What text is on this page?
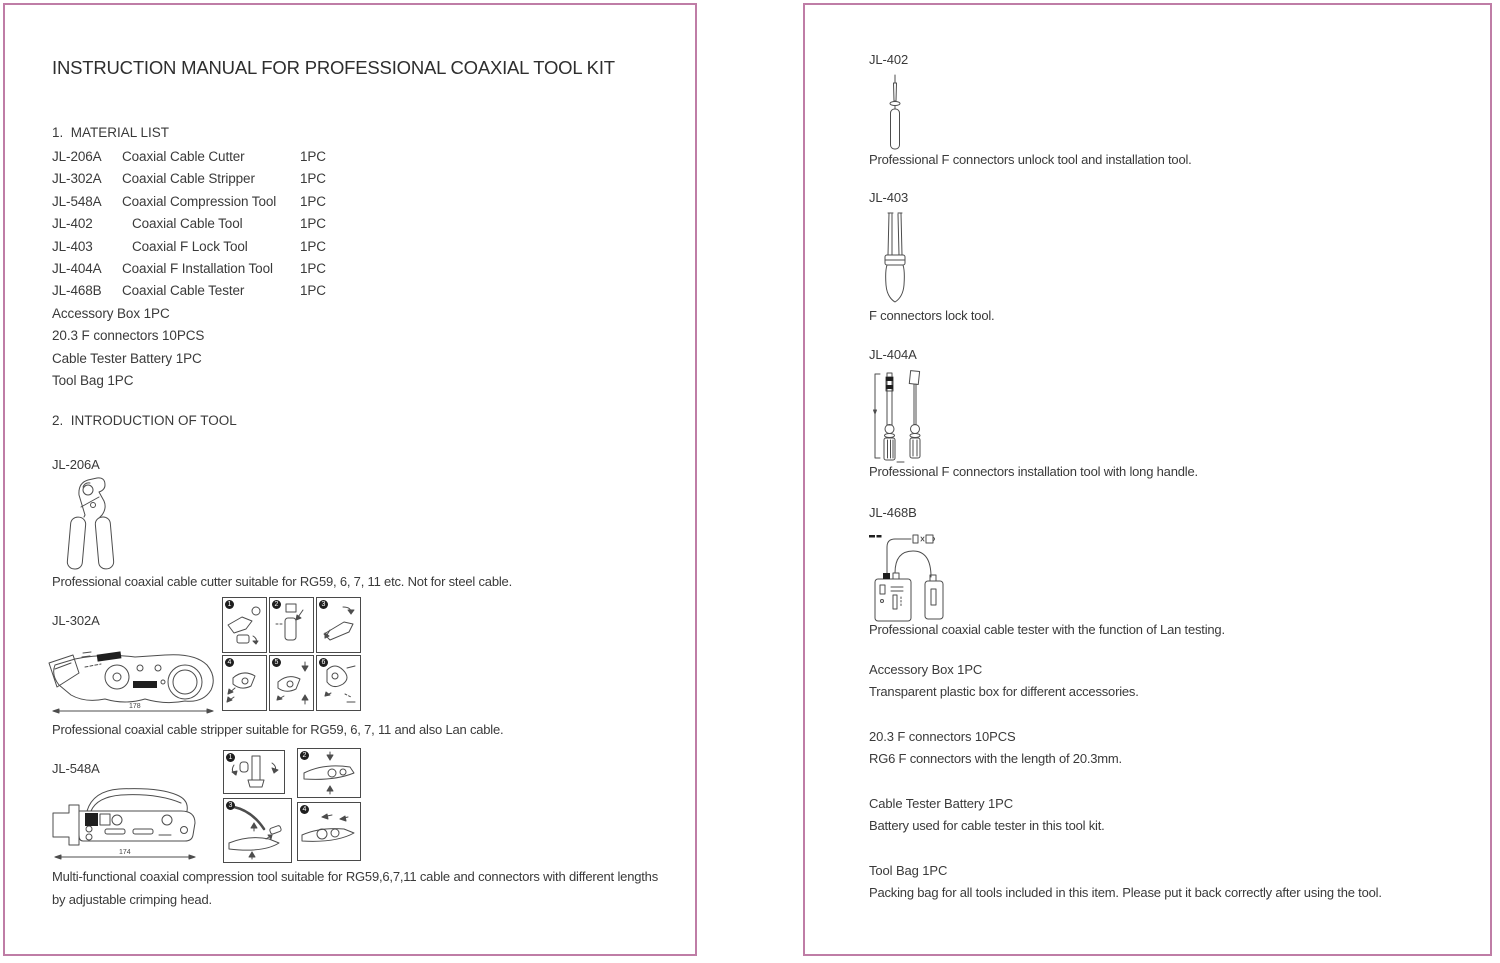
INSTRUCTION MANUAL FOR PROFESSIONAL COAXIAL TOOL KIT
1.  MATERIAL LIST
JL-206A	Coaxial Cable Cutter	1PC
JL-302A	Coaxial Cable Stripper	1PC
JL-548A	Coaxial Compression Tool	1PC
JL-402	Coaxial Cable Tool	1PC
JL-403	Coaxial F Lock Tool	1PC
JL-404A	Coaxial F Installation Tool	1PC
JL-468B	Coaxial Cable Tester	1PC
Accessory Box 1PC
20.3 F connectors 10PCS
Cable Tester Battery 1PC
Tool Bag 1PC
2.  INTRODUCTION OF TOOL
JL-206A
Professional coaxial cable cutter suitable for RG59, 6, 7, 11 etc. Not for steel cable.
JL-302A
178
1	2	3
4	5	6
Professional coaxial cable stripper suitable for RG59, 6, 7, 11 and also Lan cable.
JL-548A
174
1	2
3
4
Multi-functional coaxial compression tool suitable for RG59,6,7,11 cable and connectors with different lengths by adjustable crimping head.
JL-402
Professional F connectors unlock tool and installation tool.
JL-403
F connectors lock tool.
JL-404A
Professional F connectors installation tool with long handle.
JL-468B
Professional coaxial cable tester with the function of Lan testing.
Accessory Box 1PC
Transparent plastic box for different accessories.
20.3 F connectors 10PCS
RG6 F connectors with the length of 20.3mm.
Cable Tester Battery 1PC
Battery used for cable tester in this tool kit.
Tool Bag 1PC
Packing bag for all tools included in this item. Please put it back correctly after using the tool.
